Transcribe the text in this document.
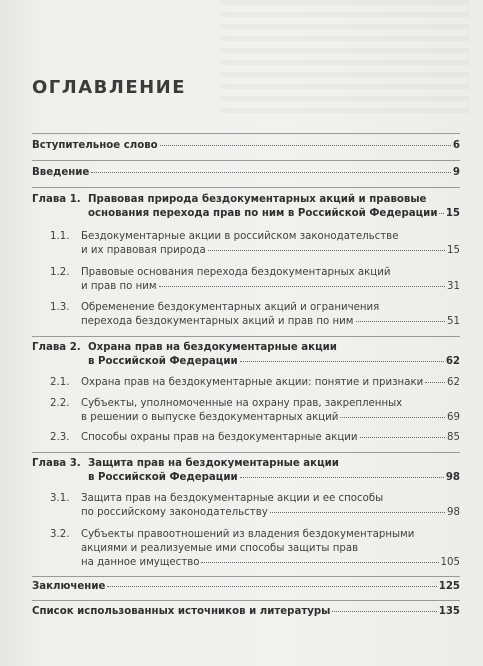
ОГЛАВЛЕНИЕ
Вступительное слово	6
Введение	9
Глава 1. Правовая природа бездокументарных акций и правовые
основания перехода прав по ним в Российской Федерации 15
1.1. Бездокументарные акции в российском законодательстве
и их правовая природа	15
1.2. Правовые основания перехода бездокументарных акций
и прав по ним	31
1.3. Обременение бездокументарных акций и ограничения
перехода бездокументарных акций и прав по ним	51
Глава 2. Охрана прав на бездокументарные акции
в Российской Федерации	62
2.1. Охрана прав на бездокументарные акции: понятие и признаки 62
2.2. Субъекты, уполномоченные на охрану прав, закрепленных
в решении о выпуске бездокументарных акций	69
2.3. Способы охраны прав на бездокументарные акции	85
Глава 3. Защита прав на бездокументарные акции
в Российской Федерации	98
3.1. Защита прав на бездокументарные акции и ее способы
по российскому законодательству	98
3.2. Субъекты правоотношений из владения бездокументарными
акциями и реализуемые ими способы защиты прав
на данное имущество	105
Заключение	125
Список использованных источников и литературы	135
